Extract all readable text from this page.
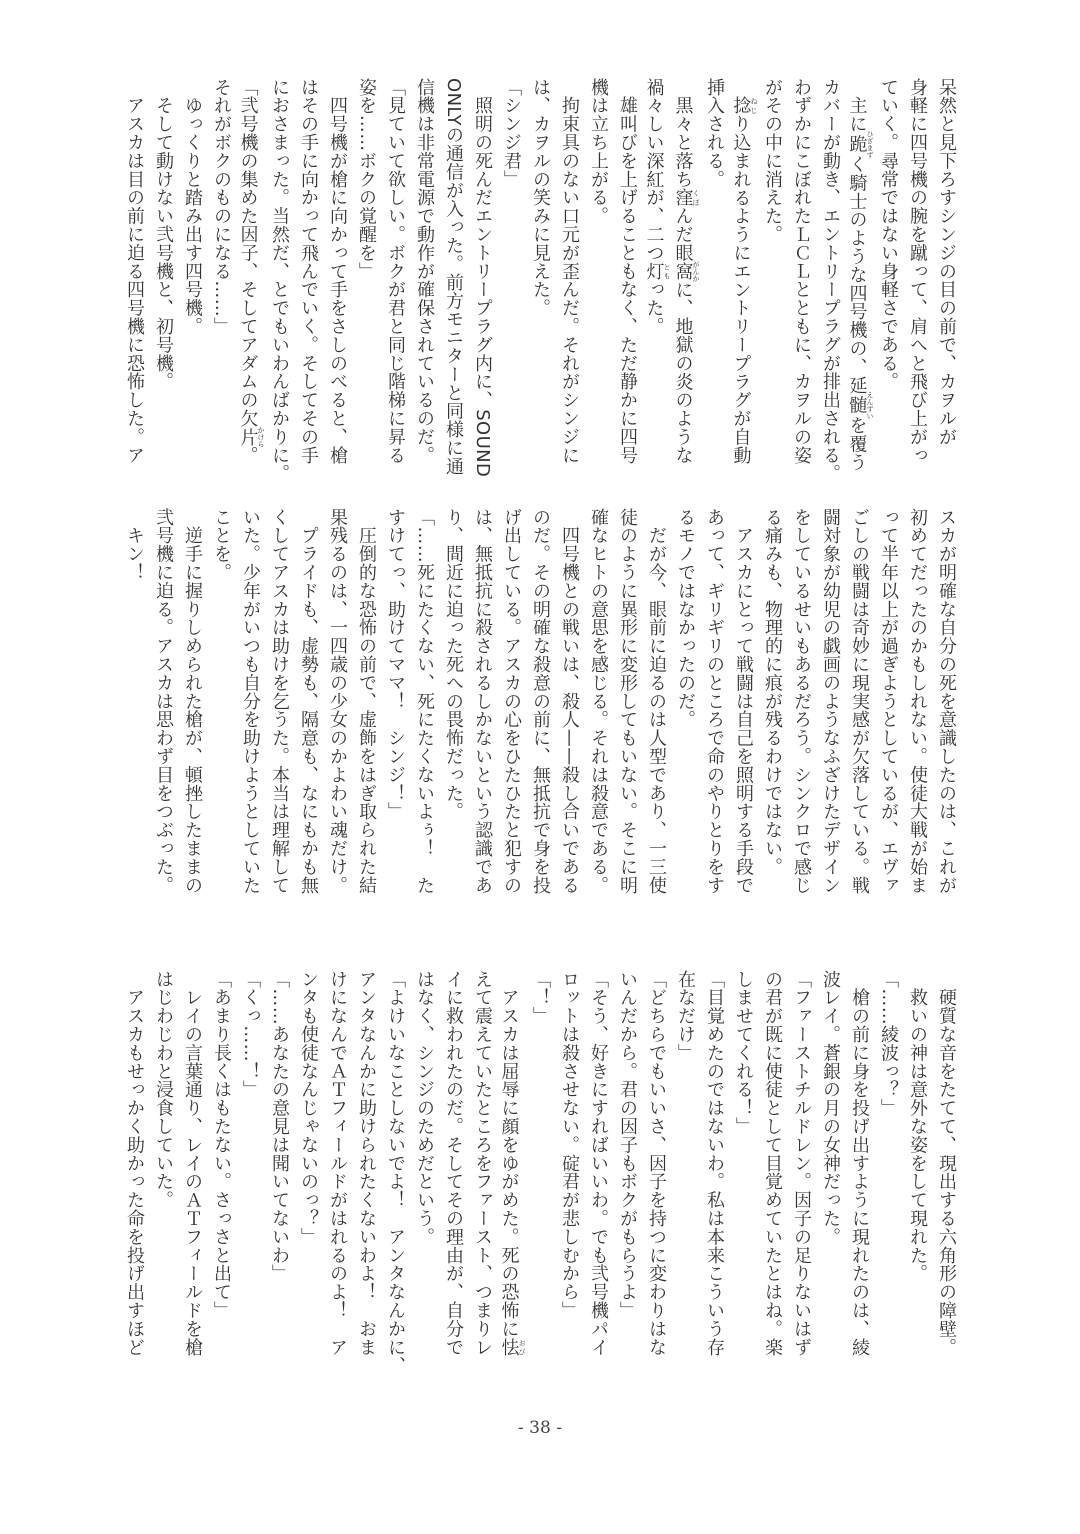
呆然と見下ろすシンジの目の前で、カヲルが
身軽に四号機の腕を蹴って、肩へと飛び上がっ
ていく。尋常ではない身軽さである。
　主に跪ひざまずく騎士のような四号機の、延髄えんずいを覆う
カバーが動き、エントリープラグが排出される。
わずかにこぼれたＬＣＬとともに、カヲルの姿
がその中に消えた。
　捻ねじり込まれるようにエントリープラグが自動
挿入される。
　黒々と落ち窪くぼんだ眼窩がんかに、地獄の炎のような
禍々しい深紅が、二つ灯ともった。
　雄叫びを上げることもなく、ただ静かに四号
機は立ち上がる。
　拘束具のない口元が歪んだ。それがシンジに
は、カヲルの笑みに見えた。
「シンジ君」
　照明の死んだエントリープラグ内に、SOUND
ONLYの通信が入った。前方モニターと同様に通
信機は非常電源で動作が確保されているのだ。
「見ていて欲しい。ボクが君と同じ階梯に昇る
姿を……ボクの覚醒を」
　四号機が槍に向かって手をさしのべると、槍
はその手に向かって飛んでいく。そしてその手
におさまった。当然だ、とでもいわんばかりに。
「弐号機の集めた因子、そしてアダムの欠片かけら。
それがボクのものになる……」
　ゆっくりと踏み出す四号機。
　そして動けない弐号機と、初号機。
　アスカは目の前に迫る四号機に恐怖した。ア
スカが明確な自分の死を意識したのは、これが
初めてだったのかもしれない。使徒大戦が始ま
って半年以上が過ぎようとしているが、エヴァ
ごしの戦闘は奇妙に現実感が欠落している。戦
闘対象が幼児の戯画のようなふざけたデザイン
をしているせいもあるだろう。シンクロで感じ
る痛みも、物理的に痕が残るわけではない。
　アスカにとって戦闘は自己を照明する手段で
あって、ギリギリのところで命のやりとりをす
るモノではなかったのだ。
　だが今、眼前に迫るのは人型であり、一三使
徒のように異形に変形してもいない。そこに明
確なヒトの意思を感じる。それは殺意である。
　四号機との戦いは、殺人——殺し合いである
のだ。その明確な殺意の前に、無抵抗で身を投
げ出している。アスカの心をひたひたと犯すの
は、無抵抗に殺されるしかないという認識であ
り、間近に迫った死への畏怖だった。
「……死にたくない、死にたくないよぅ！　た
すけてっ、助けてママ！　シンジ！」
　圧倒的な恐怖の前で、虚飾をはぎ取られた結
果残るのは、一四歳の少女のかよわい魂だけ。
　プライドも、虚勢も、隔意も、なにもかも無
くしてアスカは助けを乞うた。本当は理解して
いた。少年がいつも自分を助けようとしていた
ことを。
　逆手に握りしめられた槍が、頓挫したままの
弐号機に迫る。アスカは思わず目をつぶった。
　キン！
　硬質な音をたてて、現出する六角形の障壁。
　救いの神は意外な姿をして現れた。
「……綾波っ？」
　槍の前に身を投げ出すように現れたのは、綾
波レイ。蒼銀の月の女神だった。
「ファーストチルドレン。因子の足りないはず
の君が既に使徒として目覚めていたとはね。楽
しませてくれる！」
「目覚めたのではないわ。私は本来こういう存
在なだけ」
「どちらでもいいさ、因子を持つに変わりはな
いんだから。君の因子もボクがもらうよ」
「そう、好きにすればいいわ。でも弐号機パイ
ロットは殺させない。碇君が悲しむから」
「！」
　アスカは屈辱に顔をゆがめた。死の恐怖に怯おび
えて震えていたところをファースト、つまりレ
イに救われたのだ。そしてその理由が、自分で
はなく、シンジのためだという。
「よけいなことしないでよ！　アンタなんかに、
アンタなんかに助けられたくないわよ！　おま
けになんでＡＴフィールドがはれるのよ！　ア
ンタも使徒なんじゃないのっ？」
「……あなたの意見は聞いてないわ」
「くっ……！」
「あまり長くはもたない。さっさと出て」
　レイの言葉通り、レイのＡＴフィールドを槍
はじわじわと浸食していた。
　アスカもせっかく助かった命を投げ出すほど
- 38 -
